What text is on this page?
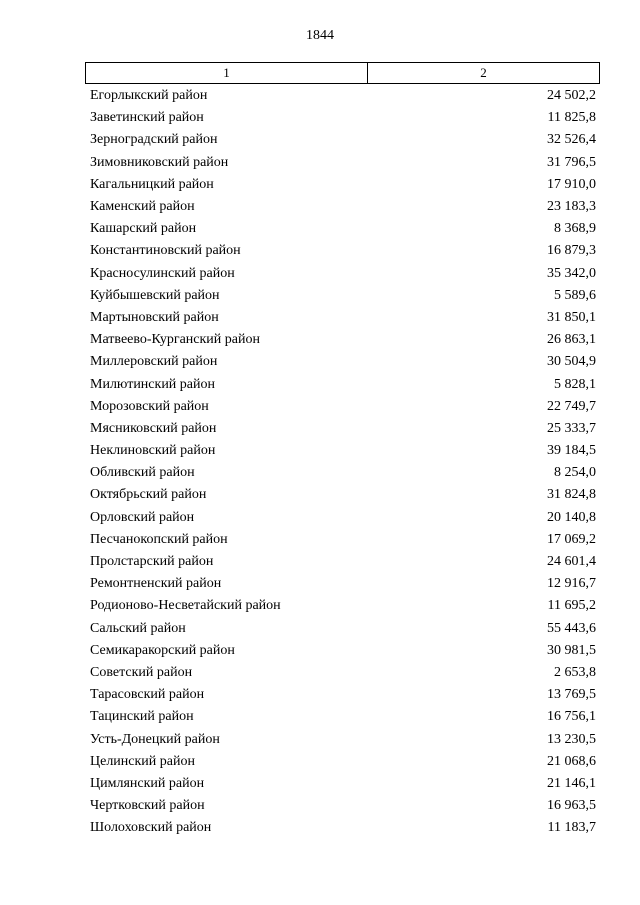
1844
1	2
Егорлыкский район	24 502,2
Заветинский район	11 825,8
Зерноградский район	32 526,4
Зимовниковский район	31 796,5
Кагальницкий район	17 910,0
Каменский район	23 183,3
Кашарский район	8 368,9
Константиновский район	16 879,3
Красносулинский район	35 342,0
Куйбышевский район	5 589,6
Мартыновский район	31 850,1
Матвеево-Курганский район	26 863,1
Миллеровский район	30 504,9
Милютинский район	5 828,1
Морозовский район	22 749,7
Мясниковский район	25 333,7
Неклиновский район	39 184,5
Обливский район	8 254,0
Октябрьский район	31 824,8
Орловский район	20 140,8
Песчанокопский район	17 069,2
Пролстарский район	24 601,4
Ремонтненский район	12 916,7
Родионово-Несветайский район	11 695,2
Сальский район	55 443,6
Семикаракорский район	30 981,5
Советский район	2 653,8
Тарасовский район	13 769,5
Тацинский район	16 756,1
Усть-Донецкий район	13 230,5
Целинский район	21 068,6
Цимлянский район	21 146,1
Чертковский район	16 963,5
Шолоховский район	11 183,7
